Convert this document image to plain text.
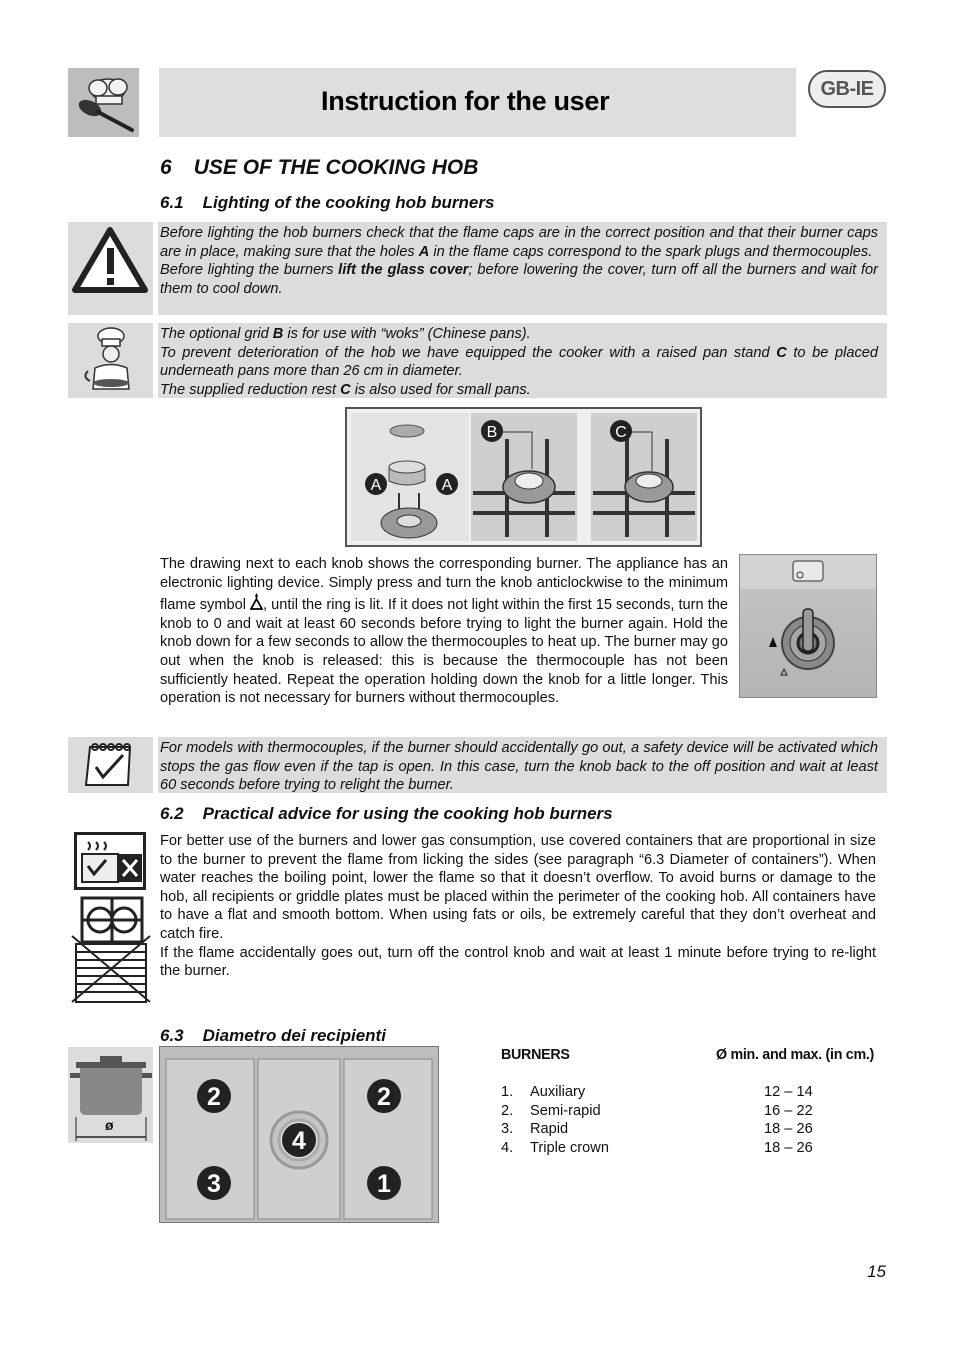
Instruction for the user	GB-IE
6 USE OF THE COOKING HOB
6.1 Lighting of the cooking hob burners
Before lighting the hob burners check that the flame caps are in the correct position and that their burner caps are in place, making sure that the holes A in the flame caps correspond to the spark plugs and thermocouples.
Before lighting the burners lift the glass cover; before lowering the cover, turn off all the burners and wait for them to cool down.
The optional grid B is for use with “woks” (Chinese pans).
To prevent deterioration of the hob we have equipped the cooker with a raised pan stand C to be placed underneath pans more than 26 cm in diameter.
The supplied reduction rest C is also used for small pans.
A	A
B	C
The drawing next to each knob shows the corresponding burner. The appliance has an electronic lighting device. Simply press and turn the knob anticlockwise to the minimum flame symbol , until the ring is lit. If it does not light within the first 15 seconds, turn the knob to 0 and wait at least 60 seconds before trying to light the burner again. Hold the knob down for a few seconds to allow the thermocouples to heat up. The burner may go out when the knob is released: this is because the thermocouple has not been sufficiently heated. Repeat the operation holding down the knob for a little longer. This operation is not necessary for burners without thermocouples.
For models with thermocouples, if the burner should accidentally go out, a safety device will be activated which stops the gas flow even if the tap is open. In this case, turn the knob back to the off position and wait at least 60 seconds before trying to relight the burner.
6.2 Practical advice for using the cooking hob burners
For better use of the burners and lower gas consumption, use covered containers that are proportional in size to the burner to prevent the flame from licking the sides (see paragraph “6.3 Diameter of containers”). When water reaches the boiling point, lower the flame so that it doesn’t overflow. To avoid burns or damage to the hob, all recipients or griddle plates must be placed within the perimeter of the cooking hob. All containers have to have a flat and smooth bottom. When using fats or oils, be extremely careful that they don’t overheat and catch fire.
If the flame accidentally goes out, turn off the control knob and wait at least 1 minute before trying to re-light the burner.
6.3 Diametro dei recipienti
ø
2	2
4
3	1
BURNERS	Ø min. and max. (in cm.)
1.	Auxiliary	12 – 14
2.	Semi-rapid	16 – 22
3.	Rapid	18 – 26
4.	Triple crown	18 – 26
15
